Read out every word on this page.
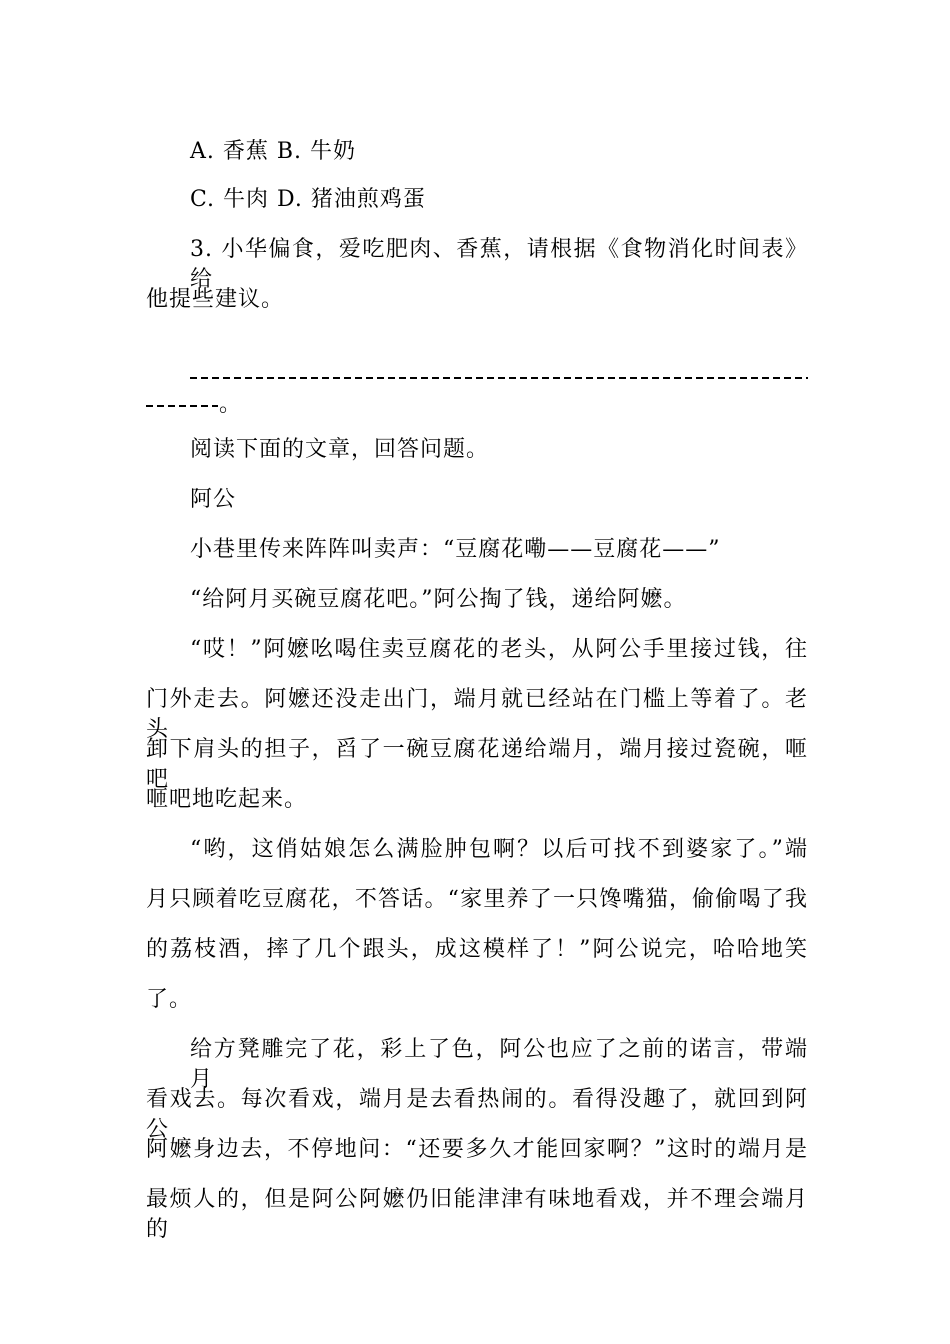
A. 香蕉 B. 牛奶
C. 牛肉 D. 猪油煎鸡蛋
3. 小华偏食，爱吃肥肉、香蕉，请根据《食物消化时间表》给
他提些建议。
。
阅读下面的文章，回答问题。
阿公
小巷里传来阵阵叫卖声：“豆腐花嘞——豆腐花——”
“给阿月买碗豆腐花吧。”阿公掏了钱，递给阿嬷。
“哎！”阿嬷吆喝住卖豆腐花的老头，从阿公手里接过钱，往
门外走去。阿嬷还没走出门，端月就已经站在门槛上等着了。老头
卸下肩头的担子，舀了一碗豆腐花递给端月，端月接过瓷碗，咂吧
咂吧地吃起来。
“哟，这俏姑娘怎么满脸肿包啊？以后可找不到婆家了。”端
月只顾着吃豆腐花，不答话。“家里养了一只馋嘴猫，偷偷喝了我
的荔枝酒，摔了几个跟头，成这模样了！”阿公说完，哈哈地笑
了。
给方凳雕完了花，彩上了色，阿公也应了之前的诺言，带端月
看戏去。每次看戏，端月是去看热闹的。看得没趣了，就回到阿公
阿嬷身边去，不停地问：“还要多久才能回家啊？”这时的端月是
最烦人的，但是阿公阿嬷仍旧能津津有味地看戏，并不理会端月的
